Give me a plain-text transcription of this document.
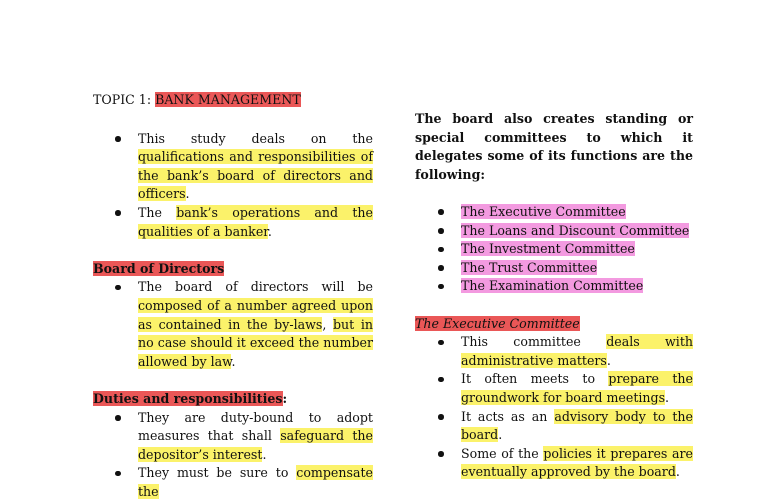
TOPIC 1: BANK MANAGEMENT

This study deals on the qualifications and responsibilities of the bank’s board of directors and officers.
The bank’s operations and the qualities of a banker.
Board of Directors
The board of directors will be composed of a number agreed upon as contained in the by-laws, but in no case should it exceed the number allowed by law.
Duties and responsibilities:
They are duty-bound to adopt measures that shall safeguard the depositor’s interest.
They must be sure to compensate the

The board also creates standing or special committees to which it delegates some of its functions are the following:

The Executive Committee
The Loans and Discount Committee
The Investment Committee
The Trust Committee
The Examination Committee
The Executive Committee
This committee deals with administrative matters.
It often meets to prepare the groundwork for board meetings.
It acts as an advisory body to the board.
Some of the policies it prepares are eventually approved by the board.
